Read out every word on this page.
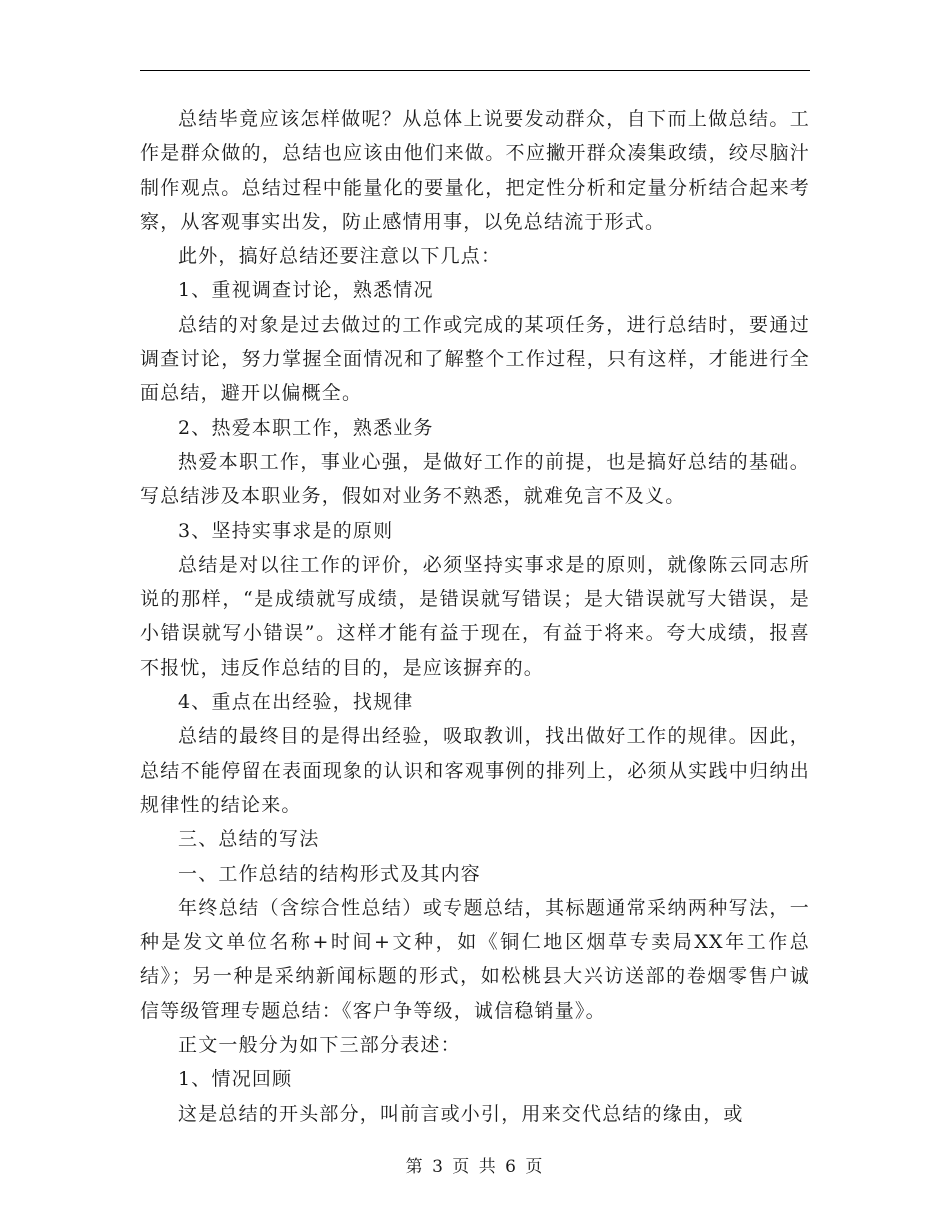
总结毕竟应该怎样做呢？从总体上说要发动群众，自下而上做总结。工作是群众做的，总结也应该由他们来做。不应撇开群众凑集政绩，绞尽脑汁制作观点。总结过程中能量化的要量化，把定性分析和定量分析结合起来考察，从客观事实出发，防止感情用事，以免总结流于形式。

此外，搞好总结还要注意以下几点：

1、重视调查讨论，熟悉情况

总结的对象是过去做过的工作或完成的某项任务，进行总结时，要通过调查讨论，努力掌握全面情况和了解整个工作过程，只有这样，才能进行全面总结，避开以偏概全。

2、热爱本职工作，熟悉业务

热爱本职工作，事业心强，是做好工作的前提，也是搞好总结的基础。写总结涉及本职业务，假如对业务不熟悉，就难免言不及义。

3、坚持实事求是的原则

总结是对以往工作的评价，必须坚持实事求是的原则，就像陈云同志所说的那样，“是成绩就写成绩，是错误就写错误；是大错误就写大错误，是小错误就写小错误”。这样才能有益于现在，有益于将来。夸大成绩，报喜不报忧，违反作总结的目的，是应该摒弃的。

4、重点在出经验，找规律

总结的最终目的是得出经验，吸取教训，找出做好工作的规律。因此，总结不能停留在表面现象的认识和客观事例的排列上，必须从实践中归纳出规律性的结论来。

三、总结的写法

一、工作总结的结构形式及其内容

年终总结（含综合性总结）或专题总结，其标题通常采纳两种写法，一种是发文单位名称+时间+文种，如《铜仁地区烟草专卖局XX年工作总结》；另一种是采纳新闻标题的形式，如松桃县大兴访送部的卷烟零售户诚信等级管理专题总结：《客户争等级，诚信稳销量》。

正文一般分为如下三部分表述：

1、情况回顾

这是总结的开头部分，叫前言或小引，用来交代总结的缘由，或

第 3 页 共 6 页
